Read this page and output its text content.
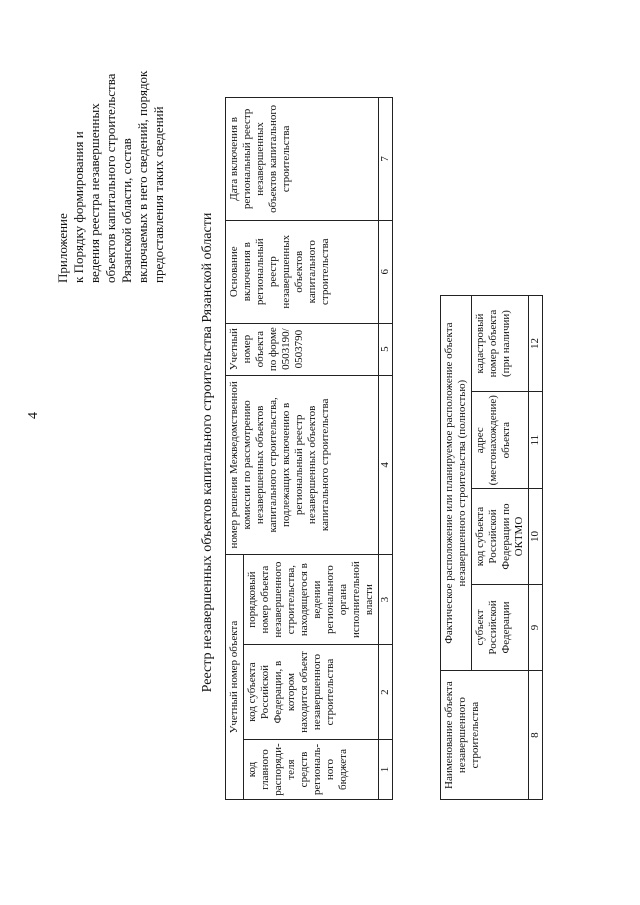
4
Приложение к Порядку формирования и ведения реестра незавершенных объектов капитального строительства Рязанской области, состав включаемых в него сведений, порядок предоставления таких сведений
Реестр незавершенных объектов капитального строительства Рязанской области Учетный номер объекта			номер решения Межведомственной комиссии по рассмотрению незавершенных объектов капитального строительства, подлежащих включению в региональный реестр незавершенных объектов капитального строительства	Учетный номер объекта по форме 0503190/ 0503790	Основание включения в региональный реестр незавершенных объектов капитального строительства	Дата включения в региональный реестр незавершенных объектов капитального строительства
код главного распоряди-теля средств региональ-ного бюджета	код субъекта Российской Федерации, в котором находится объект незавершенного строительства	порядковый номер объекта незавершенного строительства, находящегося в ведении регионального органа исполнительной власти				
1	2	3	4	5	6	7
Наименование объекта незавершенного строительства	Фактическое расположение или планируемое расположение объекта незавершенного строительства (полностью)			
	субъект Российской Федерации	код субъекта Российской Федерации по ОКТМО	адрес (местонахождение) объекта	кадастровый номер объекта (при наличии)
8	9	10	11	12
